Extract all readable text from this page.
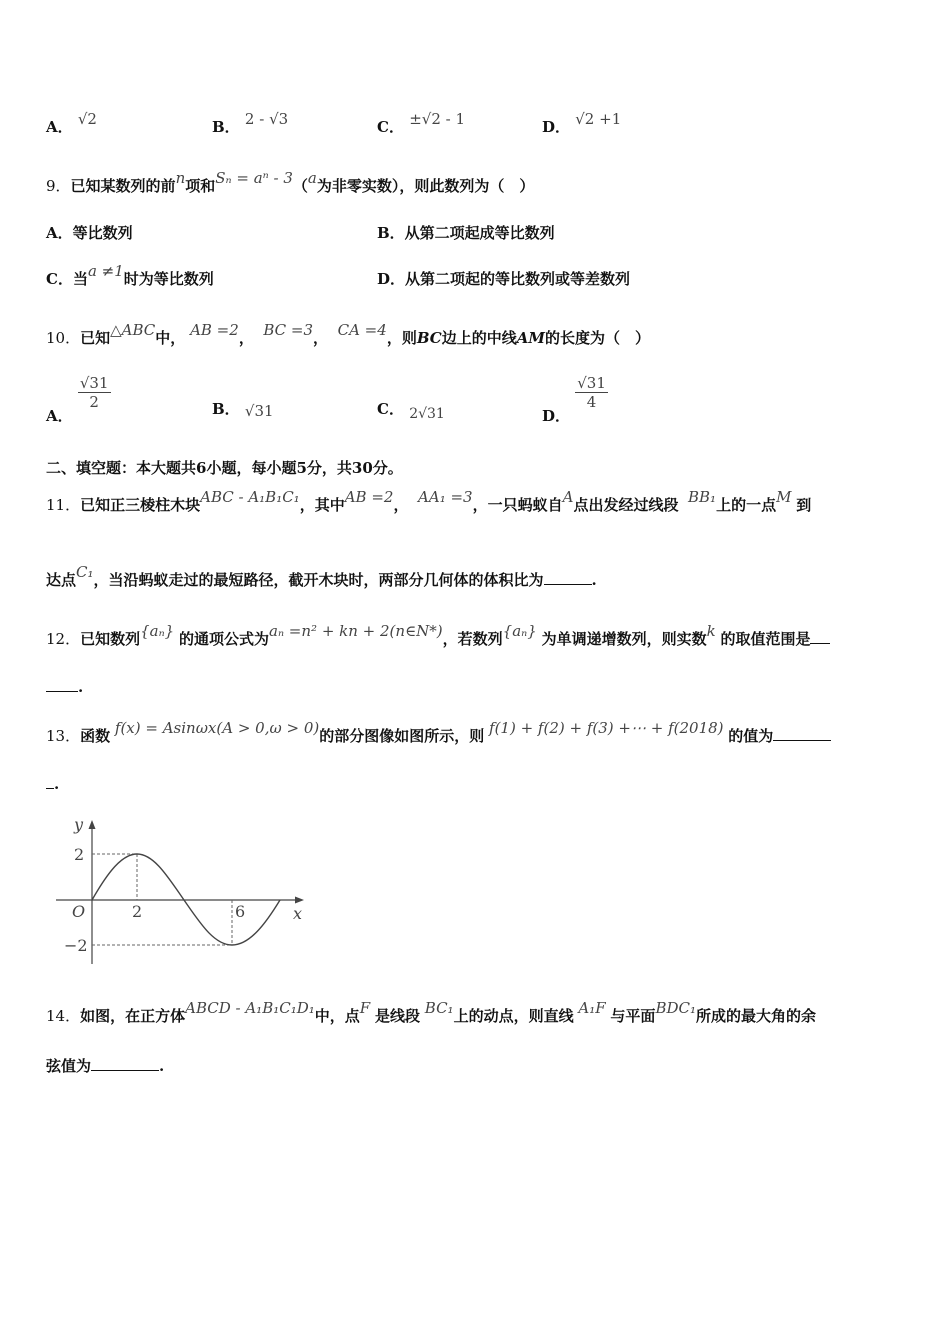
A． √2	B． 2 - √3	C． ±√2 - 1	D． √2 +1
9．已知某数列的前n项和Sₙ = aⁿ - 3（a为非零实数），则此数列为（　）
A．等比数列	B．从第二项起成等比数列
C．当a ≠1时为等比数列	D．从第二项起的等比数列或等差数列
10．已知△ABC中， AB =2， BC =3， CA =4，则BC边上的中线AM的长度为（　）
A．
$\frac{√31}{2}$	B． √31	C． 2√31	D．
$\frac{√31}{4}$
二、填空题：本大题共6小题，每小题5分，共30分。
11．已知正三棱柱木块ABC - A₁B₁C₁，其中AB =2， AA₁ =3，一只蚂蚁自A点出发经过线段 BB₁上的一点M 到
达点C₁，当沿蚂蚁走过的最短路径，截开木块时，两部分几何体的体积比为	.
12．已知数列{aₙ} 的通项公式为aₙ =n² + kn + 2(n∈N*)，若数列{aₙ} 为单调递增数列，则实数k 的取值范围是
.
13．函数 f(x) = Asinωx(A > 0,ω > 0)的部分图像如图所示，则 f(1) + f(2) + f(3) +⋯ + f(2018) 的值为
.
y
x
O
2
−2
2	6
14．如图，在正方体ABCD - A₁B₁C₁D₁中，点F 是线段 BC₁上的动点，则直线 A₁F 与平面BDC₁所成的最大角的余
弦值为	.
